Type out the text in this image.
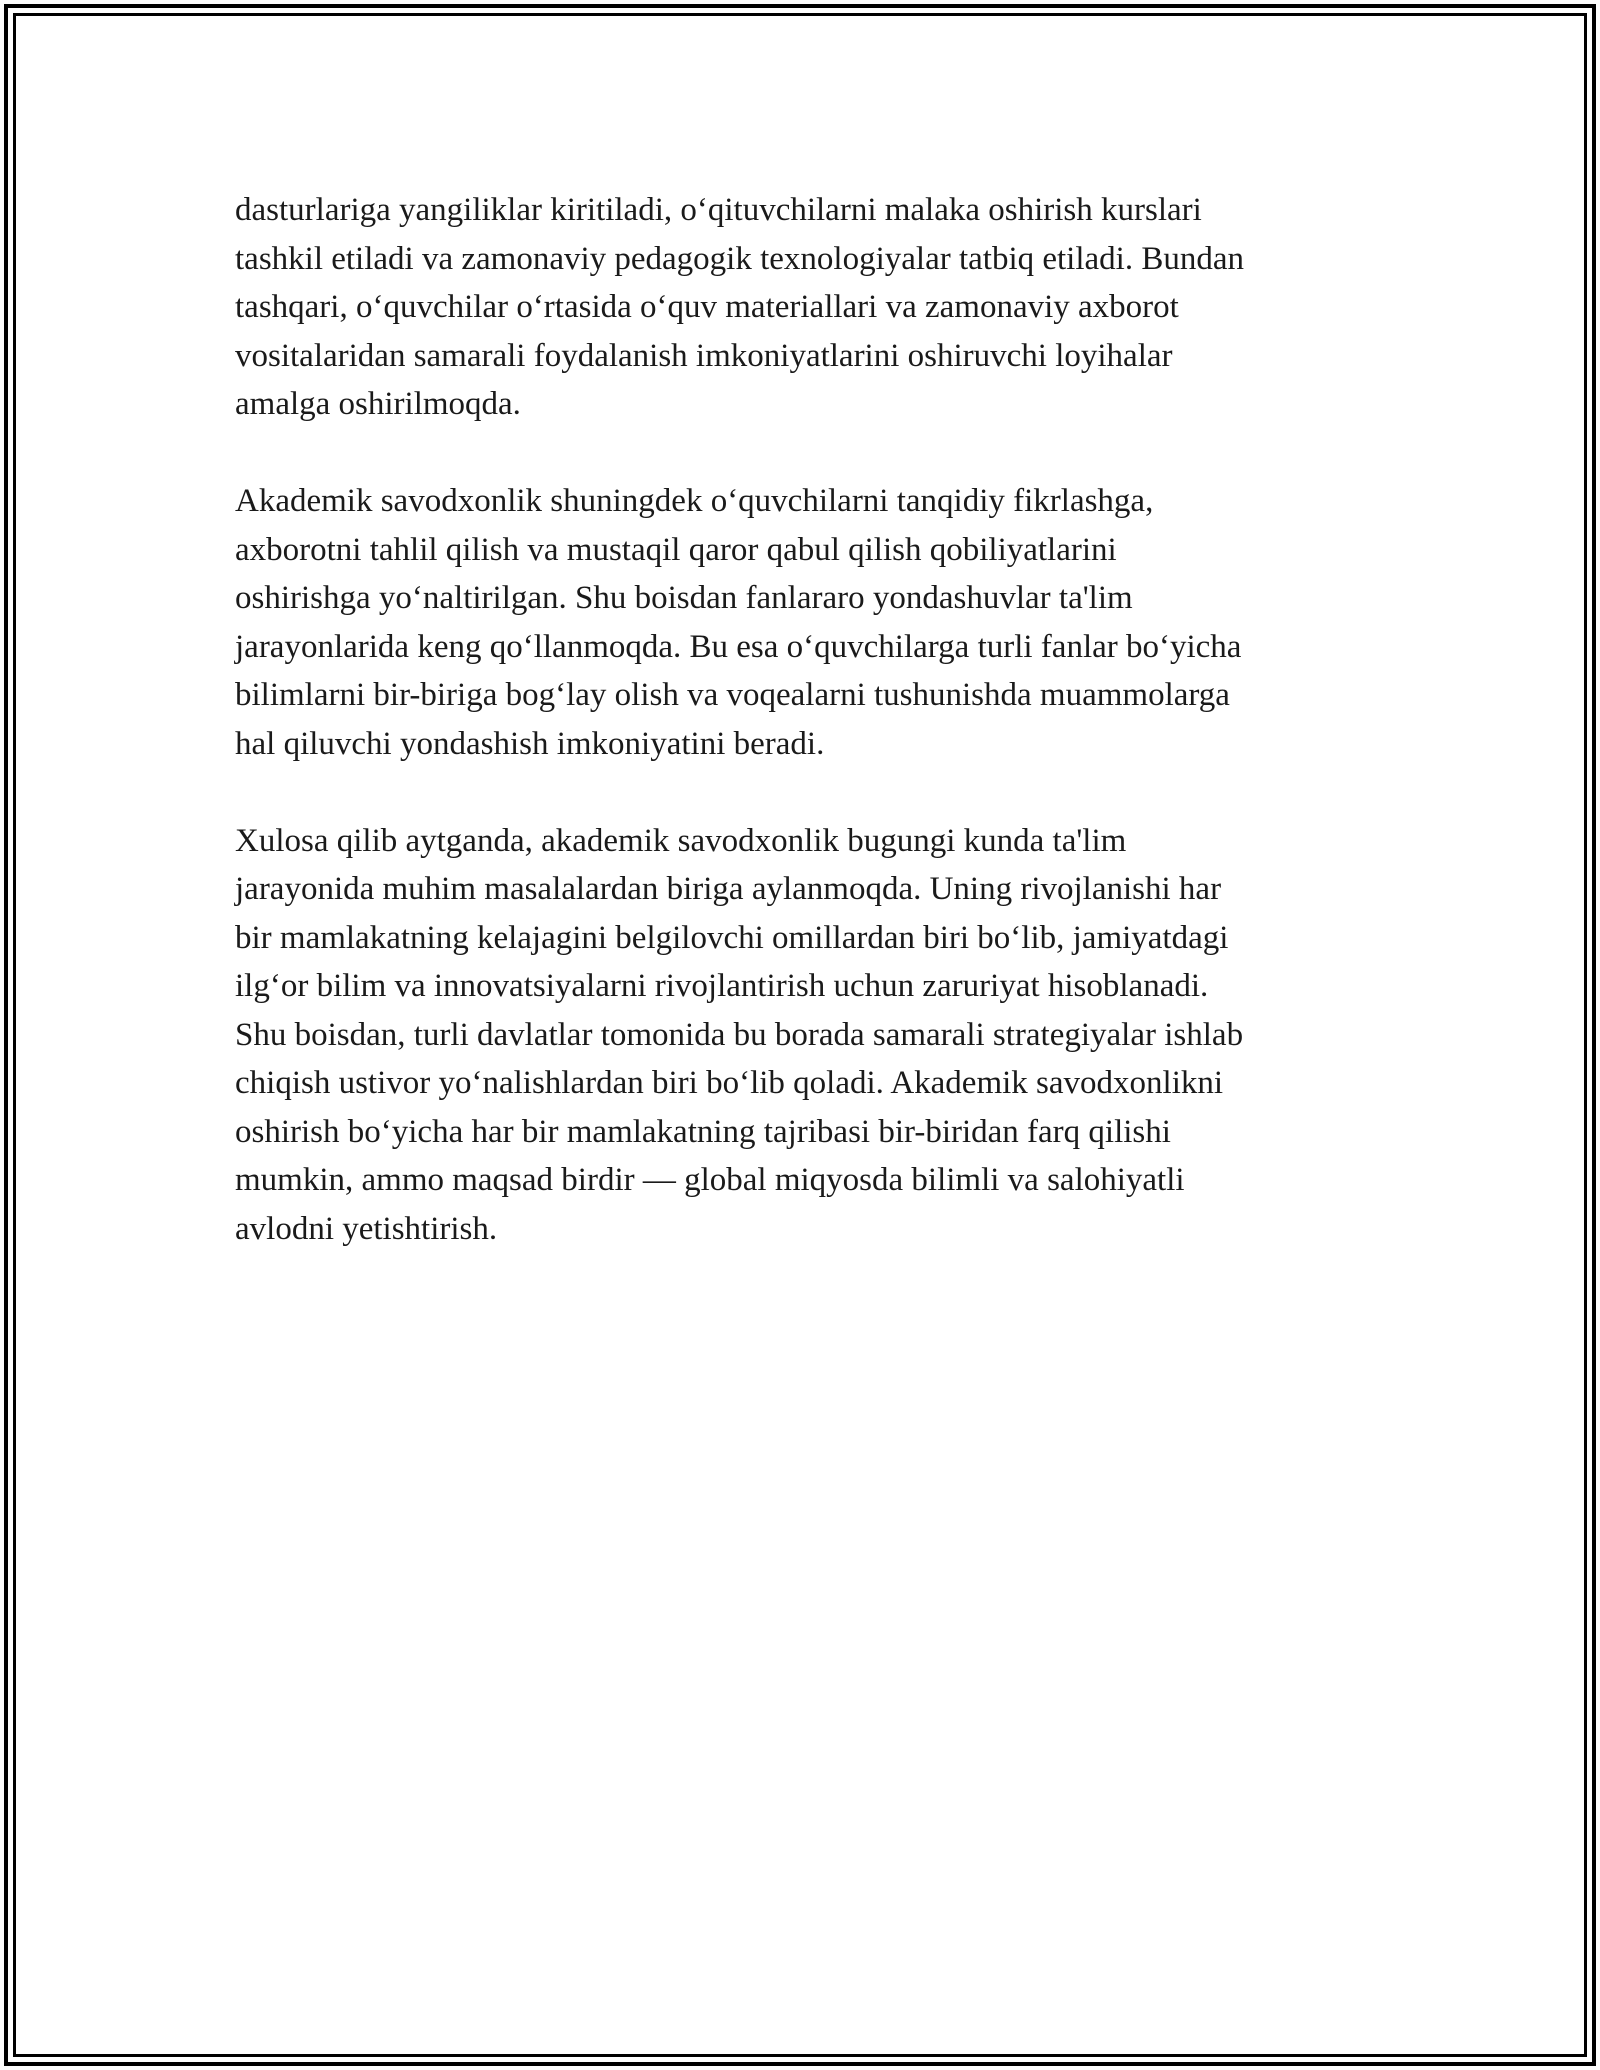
dasturlariga yangiliklar kiritiladi, o‘qituvchilarni malaka oshirish kurslari
tashkil etiladi va zamonaviy pedagogik texnologiyalar tatbiq etiladi. Bundan
tashqari, o‘quvchilar o‘rtasida o‘quv materiallari va zamonaviy axborot
vositalaridan samarali foydalanish imkoniyatlarini oshiruvchi loyihalar
amalga oshirilmoqda.

Akademik savodxonlik shuningdek o‘quvchilarni tanqidiy fikrlashga,
axborotni tahlil qilish va mustaqil qaror qabul qilish qobiliyatlarini
oshirishga yo‘naltirilgan. Shu boisdan fanlararo yondashuvlar ta'lim
jarayonlarida keng qo‘llanmoqda. Bu esa o‘quvchilarga turli fanlar bo‘yicha
bilimlarni bir-biriga bog‘lay olish va voqealarni tushunishda muammolarga
hal qiluvchi yondashish imkoniyatini beradi.

Xulosa qilib aytganda, akademik savodxonlik bugungi kunda ta'lim
jarayonida muhim masalalardan biriga aylanmoqda. Uning rivojlanishi har
bir mamlakatning kelajagini belgilovchi omillardan biri bo‘lib, jamiyatdagi
ilg‘or bilim va innovatsiyalarni rivojlantirish uchun zaruriyat hisoblanadi.
Shu boisdan, turli davlatlar tomonida bu borada samarali strategiyalar ishlab
chiqish ustivor yo‘nalishlardan biri bo‘lib qoladi. Akademik savodxonlikni
oshirish bo‘yicha har bir mamlakatning tajribasi bir-biridan farq qilishi
mumkin, ammo maqsad birdir — global miqyosda bilimli va salohiyatli
avlodni yetishtirish.
